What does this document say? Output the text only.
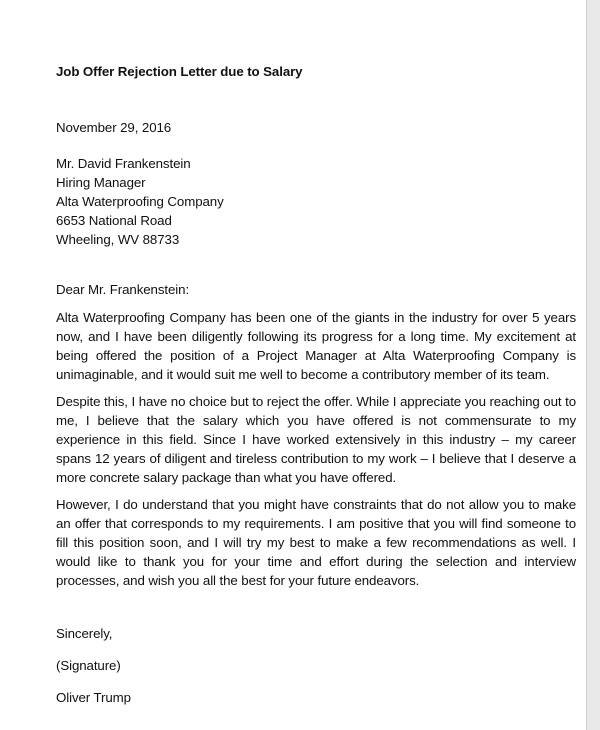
Job Offer Rejection Letter due to Salary
November 29, 2016
Mr. David Frankenstein
Hiring Manager
Alta Waterproofing Company
6653 National Road
Wheeling, WV 88733
Dear Mr. Frankenstein:

Alta Waterproofing Company has been one of the giants in the industry for over 5 years now, and I have been diligently following its progress for a long time. My excitement at being offered the position of a Project Manager at Alta Waterproofing Company is unimaginable, and it would suit me well to become a contributory member of its team.

Despite this, I have no choice but to reject the offer. While I appreciate you reaching out to me, I believe that the salary which you have offered is not commensurate to my experience in this field. Since I have worked extensively in this industry – my career spans 12 years of diligent and tireless contribution to my work – I believe that I deserve a more concrete salary package than what you have offered.

However, I do understand that you might have constraints that do not allow you to make an offer that corresponds to my requirements. I am positive that you will find someone to fill this position soon, and I will try my best to make a few recommendations as well. I would like to thank you for your time and effort during the selection and interview processes, and wish you all the best for your future endeavors.

Sincerely,
(Signature)
Oliver Trump
